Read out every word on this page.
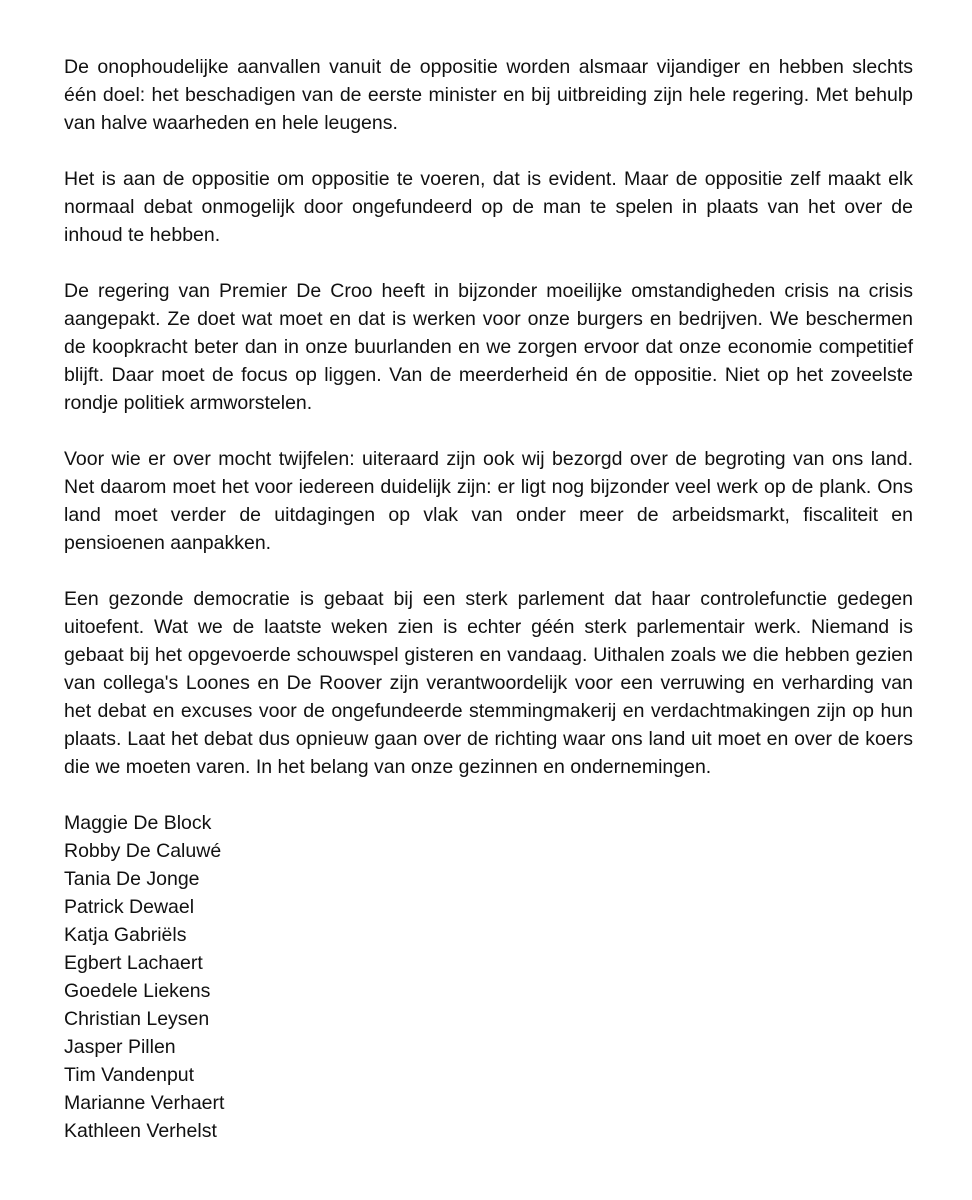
De onophoudelijke aanvallen vanuit de oppositie worden alsmaar vijandiger en hebben slechts één doel: het beschadigen van de eerste minister en bij uitbreiding zijn hele regering. Met behulp van halve waarheden en hele leugens.

Het is aan de oppositie om oppositie te voeren, dat is evident. Maar de oppositie zelf maakt elk normaal debat onmogelijk door ongefundeerd op de man te spelen in plaats van het over de inhoud te hebben.

De regering van Premier De Croo heeft in bijzonder moeilijke omstandigheden crisis na crisis aangepakt. Ze doet wat moet en dat is werken voor onze burgers en bedrijven. We beschermen de koopkracht beter dan in onze buurlanden en we zorgen ervoor dat onze economie competitief blijft. Daar moet de focus op liggen. Van de meerderheid én de oppositie. Niet op het zoveelste rondje politiek armworstelen.

Voor wie er over mocht twijfelen: uiteraard zijn ook wij bezorgd over de begroting van ons land. Net daarom moet het voor iedereen duidelijk zijn: er ligt nog bijzonder veel werk op de plank. Ons land moet verder de uitdagingen op vlak van onder meer de arbeidsmarkt, fiscaliteit en pensioenen aanpakken.

Een gezonde democratie is gebaat bij een sterk parlement dat haar controlefunctie gedegen uitoefent. Wat we de laatste weken zien is echter géén sterk parlementair werk. Niemand is gebaat bij het opgevoerde schouwspel gisteren en vandaag. Uithalen zoals we die hebben gezien van collega's Loones en De Roover zijn verantwoordelijk voor een verruwing en verharding van het debat en excuses voor de ongefundeerde stemmingmakerij en verdachtmakingen zijn op hun plaats. Laat het debat dus opnieuw gaan over de richting waar ons land uit moet en over de koers die we moeten varen. In het belang van onze gezinnen en ondernemingen.

Maggie De Block
Robby De Caluwé
Tania De Jonge
Patrick Dewael
Katja Gabriëls
Egbert Lachaert
Goedele Liekens
Christian Leysen
Jasper Pillen
Tim Vandenput
Marianne Verhaert
Kathleen Verhelst
